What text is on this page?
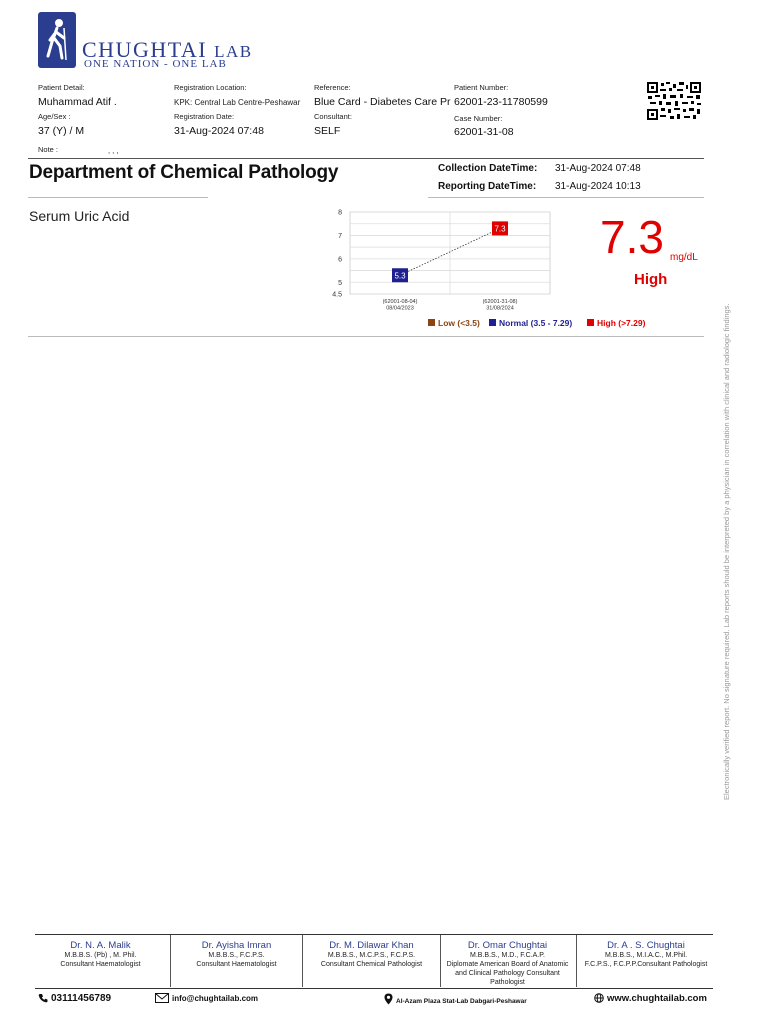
CHUGHTAI LAB
ONE NATION - ONE LAB
Patient Detail:
Muhammad Atif .
Age/Sex :
37 (Y) / M
Note :	, , ,
Registration Location:
KPK: Central Lab Centre-Peshawar
Registration Date:
31-Aug-2024 07:48
Reference:
Blue Card - Diabetes Care Pr
Consultant:
SELF
Patient Number:
62001-23-11780599
Case Number:
62001-31-08
Department of Chemical Pathology	Collection DateTime: 31-Aug-2024 07:48
Reporting DateTime: 31-Aug-2024 10:13
Serum Uric Acid	8
7
6
5
4.5
(62001-08-04)
08/04/2023
(62001-31-08)
31/08/2024
5.3
7.3
Low (<3.5)	Normal (3.5 - 7.29)	High (>7.29)
7.3 mg/dL
High
Electronically verified report. No signature required. Lab reports should be interpreted by a physician in correlation with clinical and radiologic findings.
Dr. N. A. Malik
M.B.B.S. (Pb) , M. Phil.
Consultant Haematologist
Dr. Ayisha Imran
M.B.B.S., F.C.P.S.
Consultant Haematologist
Dr. M. Dilawar Khan
M.B.B.S., M.C.P.S., F.C.P.S.
Consultant Chemical Pathologist
Dr. Omar Chughtai
M.B.B.S., M.D., F.C.A.P.
Diplomate American Board of Anatomic
and Clinical Pathology Consultant
Pathologist
Dr. A . S. Chughtai
M.B.B.S., M.I.A.C., M.Phil.
F.C.P.S., F.C.P.P.Consultant Pathologist
03111456789	info@chughtailab.com	Al-Azam Plaza Stat-Lab Dabgari-Peshawar	www.chughtailab.com
